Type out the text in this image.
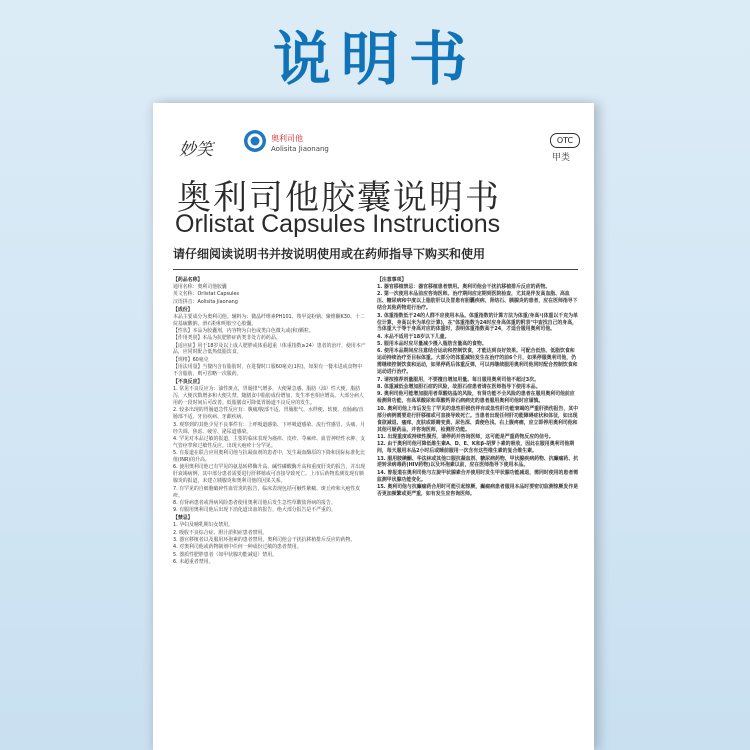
说明书
妙笑
奥利司他
Aolisita Jiaonang
OTC
甲类
奥利司他胶囊说明书
Orlistat Capsules Instructions
请仔细阅读说明书并按说明使用或在药师指导下购买和使用
【药品名称】
通用名称：奥利司他胶囊
英文名称：Orlistat Capsules
汉语拼音：Aolisita Jiaonang
【成份】
本品主要成分为奥利司他。辅料为：微晶纤维素PH101、羧甲淀粉钠、聚维酮K30、十二烷基硫酸钠、滑石粉和明胶空心胶囊。
【性状】本品为胶囊剂，内容物为白色或类白色微丸或(和)颗粒。
【作用类别】本品为抗肥胖症药类非处方药药品。
【适应症】用于18岁及以上成人肥胖或体重超重（体重指数≥24）患者的治疗，使用本产品，应同时配合低热低脂饮食。
【规格】60毫克
【用法用量】当餐内含有脂肪时，在进餐时口服60毫克(1粒)。如果有一餐未进或食物中不含脂肪，则可省略一次服药。
【不良反应】
1. 常见不良反应为：油性斑点，胃肠排气增多，大便紧急感，脂肪（油）性大便，脂肪泻，大便次数增多和大便失禁。随膳食中脂肪成份增加，发生率也相应增高。大部分病人用药一段时间后可改善。低脂膳食可降低胃肠道不良反应的发生。
2. 较多出现的胃肠道急性反应有：腹痛/腹部不适、胃肠胀气、水样便、软便、直肠痛/直肠部不适、牙齿疾病、牙龈疾病。
3. 观察到的其他少见不良事件有：上呼吸道感染、下呼吸道感染、流行性感冒、头痛、月经失调、焦虑、疲劳、泌尿道感染。
4. 罕见对本品过敏的报道，主要的临床表现为瘙痒、皮疹、荨麻疹、血管神经性水肿、支气管痉挛和过敏性反应。出现大疱疹十分罕见。
5. 有报道在联合应用奥利司他与抗凝血剂的患者中，发生凝血酶原的下降和国际标准化比值(INR)的升高。
6. 使用奥利司他已有罕见的氨基转移酶升高、碱性磷酸酶升高和重度肝炎的报告，并出现肝衰竭病例，其中部分患者需要进行肝移植或可直接导致死亡。上市后药物监测发现有胰腺炎的报道，未建立胰腺炎和奥利司他的因果关系。
7. 有罕见的自细胞破碎性血管炎的报告，临床表现包括可触性紫癜、斑丘疹和大疱性皮疹。
8. 有肾病患者或肾病风险患者使用奥利司他后发生急性草酸盐肾病的报告。
9. 有服用奥利司他后出现下消化道出血的报告，绝大部分报告是不严重的。
【禁忌】
1. 孕妇及哺乳期妇女禁用。
2. 吸收不良综合症、胆汁淤积症患者禁用。
3. 器官移植者以及服用环孢素的患者禁用。奥利司他会干扰抗移植排斥反应的药物。
4. 对奥利司他或药物制剂中任何一种成份过敏的患者禁用。
5. 器质性肥胖患者（如甲状腺功能减退）禁用。
6. 未超重者禁用。
【注意事项】
1. 器官移植禁忌：器官移植患者禁用。奥利司他会干扰抗移植排斥反应的药物。
2. 第一次使用本品前应咨询医师。治疗期间应定期到医院检查，尤其是伴发高血脂、高血压、糖尿病和中度以上脂肪肝以及冒患有胆囊疾病、肾结石、胰腺炎的患者，应在医师指导下结合其他药物进行治疗。
3. 体重指数低于24的人群不应使用本品。体重指数的计算方法为体重/身高²(体重以千克为单位计算，身高以米为单位计算)，在"体重指数为24时应身高体重的附表"中查找自己的身高，当体重大于等于身高对应的体重时，表明体重指数高于24，才适合服用奥利司他。
4. 本品不适用于18岁以下儿童。
5. 服用本品时应尽量减少摄入脂肪含量高的食物。
6. 使用本品期间应注意结合运动和控制饮食，才能达到良好效果。可配合低热、低脂饮食和运动持续治疗至目标体重。大部分的体重减轻发生在治疗的前6个月，如果停服奥利司他，仍需继续控制饮食和运动，如果停药后体重反弹，可以再继续服用奥利司他同时配合控制饮食和运动进行治疗。
7. 请按推荐剂量服用，不要擅自增加用量。每日服用奥利司他不超过3次。
8. 体重减低会增加胆石症的风险，故胆石症患者请在医师指导下使用本品。
9. 奥利司他可能增加服用者草酸结晶的风险，有肾功能不全风险的患者在服用奥利司他前应检测肾功能，有高草酸尿和草酸钙肾石病病史的患者服用奥利司他时应谨慎。
10. 奥利司他上市后发生了罕见的急性肝损伤伴有或急性肝功能衰竭的严重肝损伤报告，其中部分病例需要进行肝移植或可直接导致死亡。当患者出现任何肝功能障碍症状和体征，如出现食欲减退、瘙痒、皮肤或眼睛变黄、尿色深、粪便色浅、右上腹疼痛，应立即停用奥利司他和其他可疑药品，并咨询医师，检测肝功能。
11. 出现重度或持续性腹泻，请停药并咨询医师，这可能是严重药物反应的信号。
12. 由于奥利司他可降低维生素A、D、E、K和β-胡萝卜素的吸收，因此在服用奥利司他期间，每天服用本品2小时后或睡前服用一次含有这些维生素的复合维生素。
13. 服用胺碘酮、华法林或其他口服抗凝血剂、糖尿病药物、甲状腺疾病药物、抗癫痫药、抗逆转录病毒药(HIV药物)以及环孢素以前，应在医师指导下使用本品。
14. 曾报道在奥利司他与左旋甲状腺素合并使用时发生甲状腺功能减退，需同时使用的患者需监测甲状腺功能变化。
15. 奥利司他与抗癫痫药合用时可能引起惊厥，癫痫病患者服用本品时要密切监测惊厥发作是否更加频繁或更严重，如有发生应咨询医师。
